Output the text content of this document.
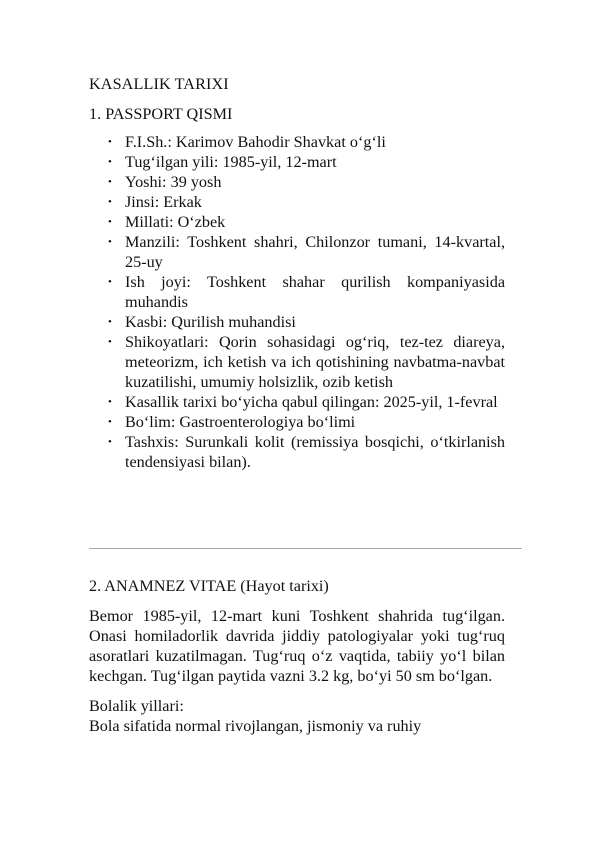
KASALLIK TARIXI
1. PASSPORT QISMI
• F.I.Sh.: Karimov Bahodir Shavkat o‘g‘li
• Tug‘ilgan yili: 1985-yil, 12-mart
• Yoshi: 39 yosh
• Jinsi: Erkak
• Millati: O‘zbek
• Manzili: Toshkent shahri, Chilonzor tumani, 14-kvartal, 25-uy
• Ish joyi: Toshkent shahar qurilish kompaniyasida muhandis
• Kasbi: Qurilish muhandisi
• Shikoyatlari: Qorin sohasidagi og‘riq, tez-tez diareya, meteorizm, ich ketish va ich qotishining navbatma-navbat kuzatilishi, umumiy holsizlik, ozib ketish
• Kasallik tarixi bo‘yicha qabul qilingan: 2025-yil, 1-fevral
• Bo‘lim: Gastroenterologiya bo‘limi
• Tashxis: Surunkali kolit (remissiya bosqichi, o‘tkirlanish tendensiyasi bilan).
2. ANAMNEZ VITAE (Hayot tarixi)

Bemor 1985-yil, 12-mart kuni Toshkent shahrida tug‘ilgan. Onasi homiladorlik davrida jiddiy patologiyalar yoki tug‘ruq asoratlari kuzatilmagan. Tug‘ruq o‘z vaqtida, tabiiy yo‘l bilan kechgan. Tug‘ilgan paytida vazni 3.2 kg, bo‘yi 50 sm bo‘lgan.

Bolalik yillari:

Bola sifatida normal rivojlangan, jismoniy va ruhiy
